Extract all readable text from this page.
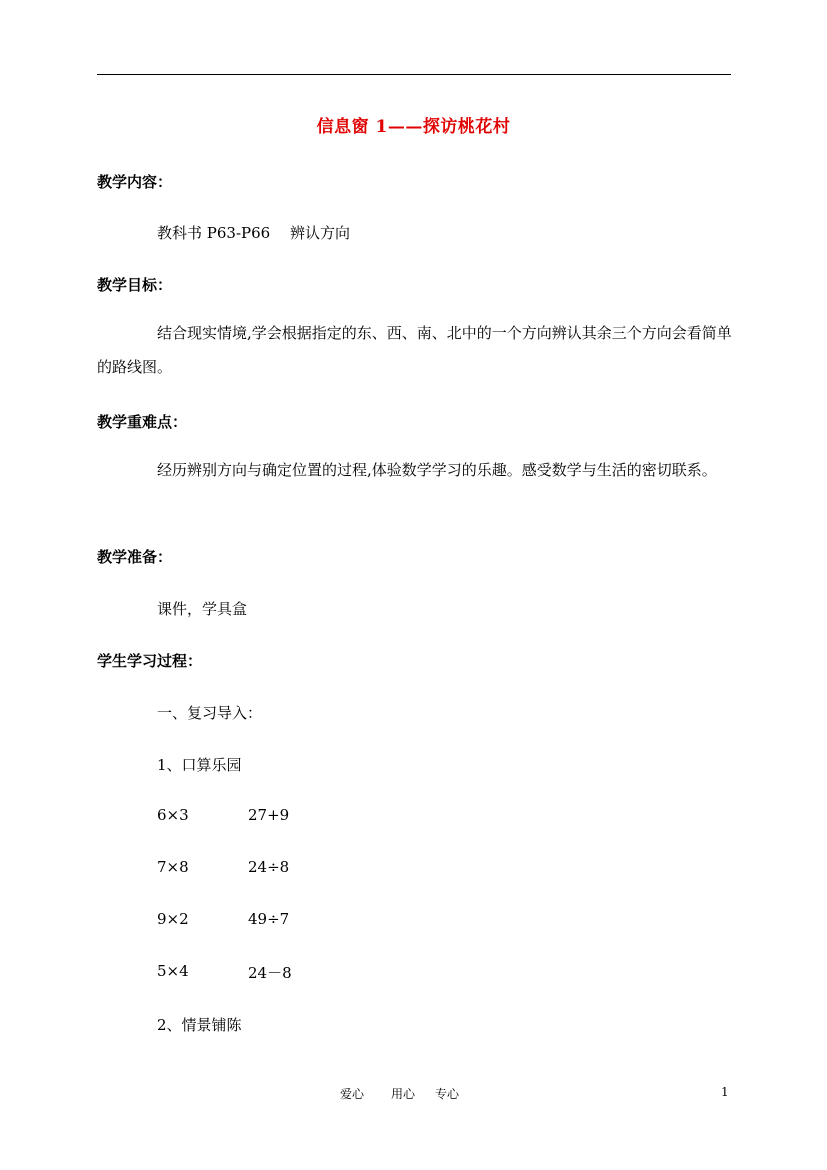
信息窗 1——探访桃花村
教学内容：
教科书 P63-P66　 辨认方向
教学目标：
结合现实情境,学会根据指定的东、西、南、北中的一个方向辨认其余三个方向会看简单的路线图。
教学重难点：
经历辨别方向与确定位置的过程,体验数学学习的乐趣。感受数学与生活的密切联系。
教学准备：
课件，学具盒
学生学习过程：
一、复习导入：
1、口算乐园
6×3	27+9
7×8	24÷8
9×2	49÷7
5×4	24－8
2、情景铺陈
爱心 用心 专心	1
